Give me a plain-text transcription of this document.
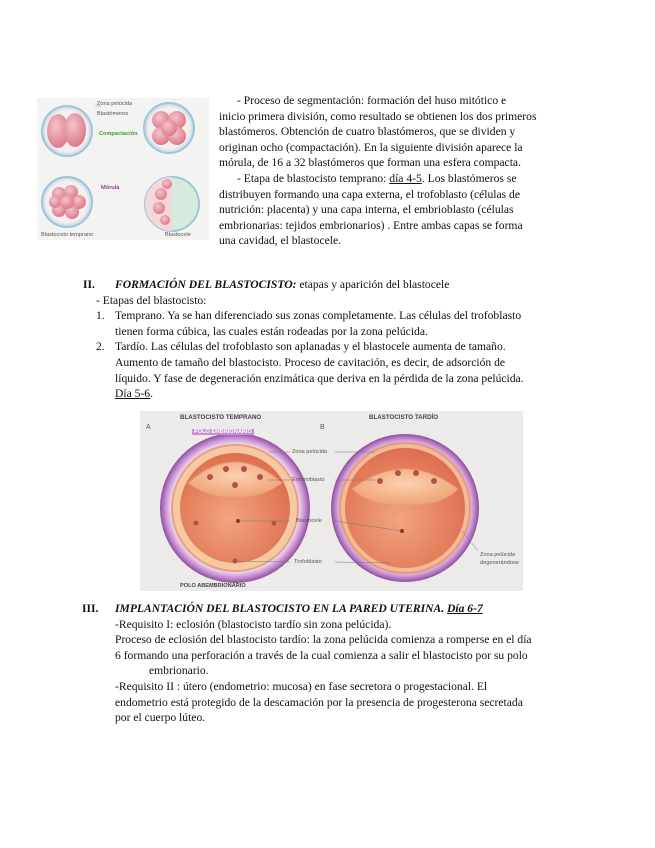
Zona pelúcida
Blastómeros
Compactación
Mórula
Blastocisto temprano	Blastocele
- Proceso de segmentación: formación del huso mitótico e
inicio primera división, como resultado se obtienen los dos primeros
blastómeros. Obtención de cuatro blastómeros, que se dividen y
originan ocho (compactación). En la siguiente división aparece la
mórula, de 16 a 32 blastómeros que forman una esfera compacta.
- Etapa de blastocisto temprano: día 4-5. Los blastómeros se
distribuyen formando una capa externa, el trofoblasto (células de
nutrición: placenta) y una capa interna, el embrioblasto (células
embrionarias: tejidos embrionarios) . Entre ambas capas se forma
una cavidad, el blastocele.
II. FORMACIÓN DEL BLASTOCISTO: etapas y aparición del blastocele
- Etapas del blastocisto:
1. Temprano. Ya se han diferenciado sus zonas completamente. Las células del trofoblasto
tienen forma cúbica, las cuales están rodeadas por la zona pelúcida.
2. Tardío. Las células del trofoblasto son aplanadas y el blastocele aumenta de tamaño.
Aumento de tamaño del blastocisto. Proceso de cavitación, es decir, de adsorción de
líquido. Y fase de degeneración enzimática que deriva en la pérdida de la zona pelúcida.
Día 5-6.
BLASTOCISTO TEMPRANO	BLASTOCISTO TARDÍO
A	B
POLO EMBRIONARIO
POLO ABEMBRIONARIO
Zona pelúcida
Embrioblasto
Blastocele
Trofoblasto
Zona pelúcida
degenerándose
III. IMPLANTACIÓN DEL BLASTOCISTO EN LA PARED UTERINA. Día 6-7
-Requisito I: eclosión (blastocisto tardío sin zona pelúcida).
Proceso de eclosión del blastocisto tardío: la zona pelúcida comienza a romperse en el día
6 formando una perforación a través de la cual comienza a salir el blastocisto por su polo
embrionario.
-Requisito II : útero (endometrio: mucosa) en fase secretora o progestacional. El
endometrio está protegido de la descamación por la presencia de progesterona secretada
por el cuerpo lúteo.
